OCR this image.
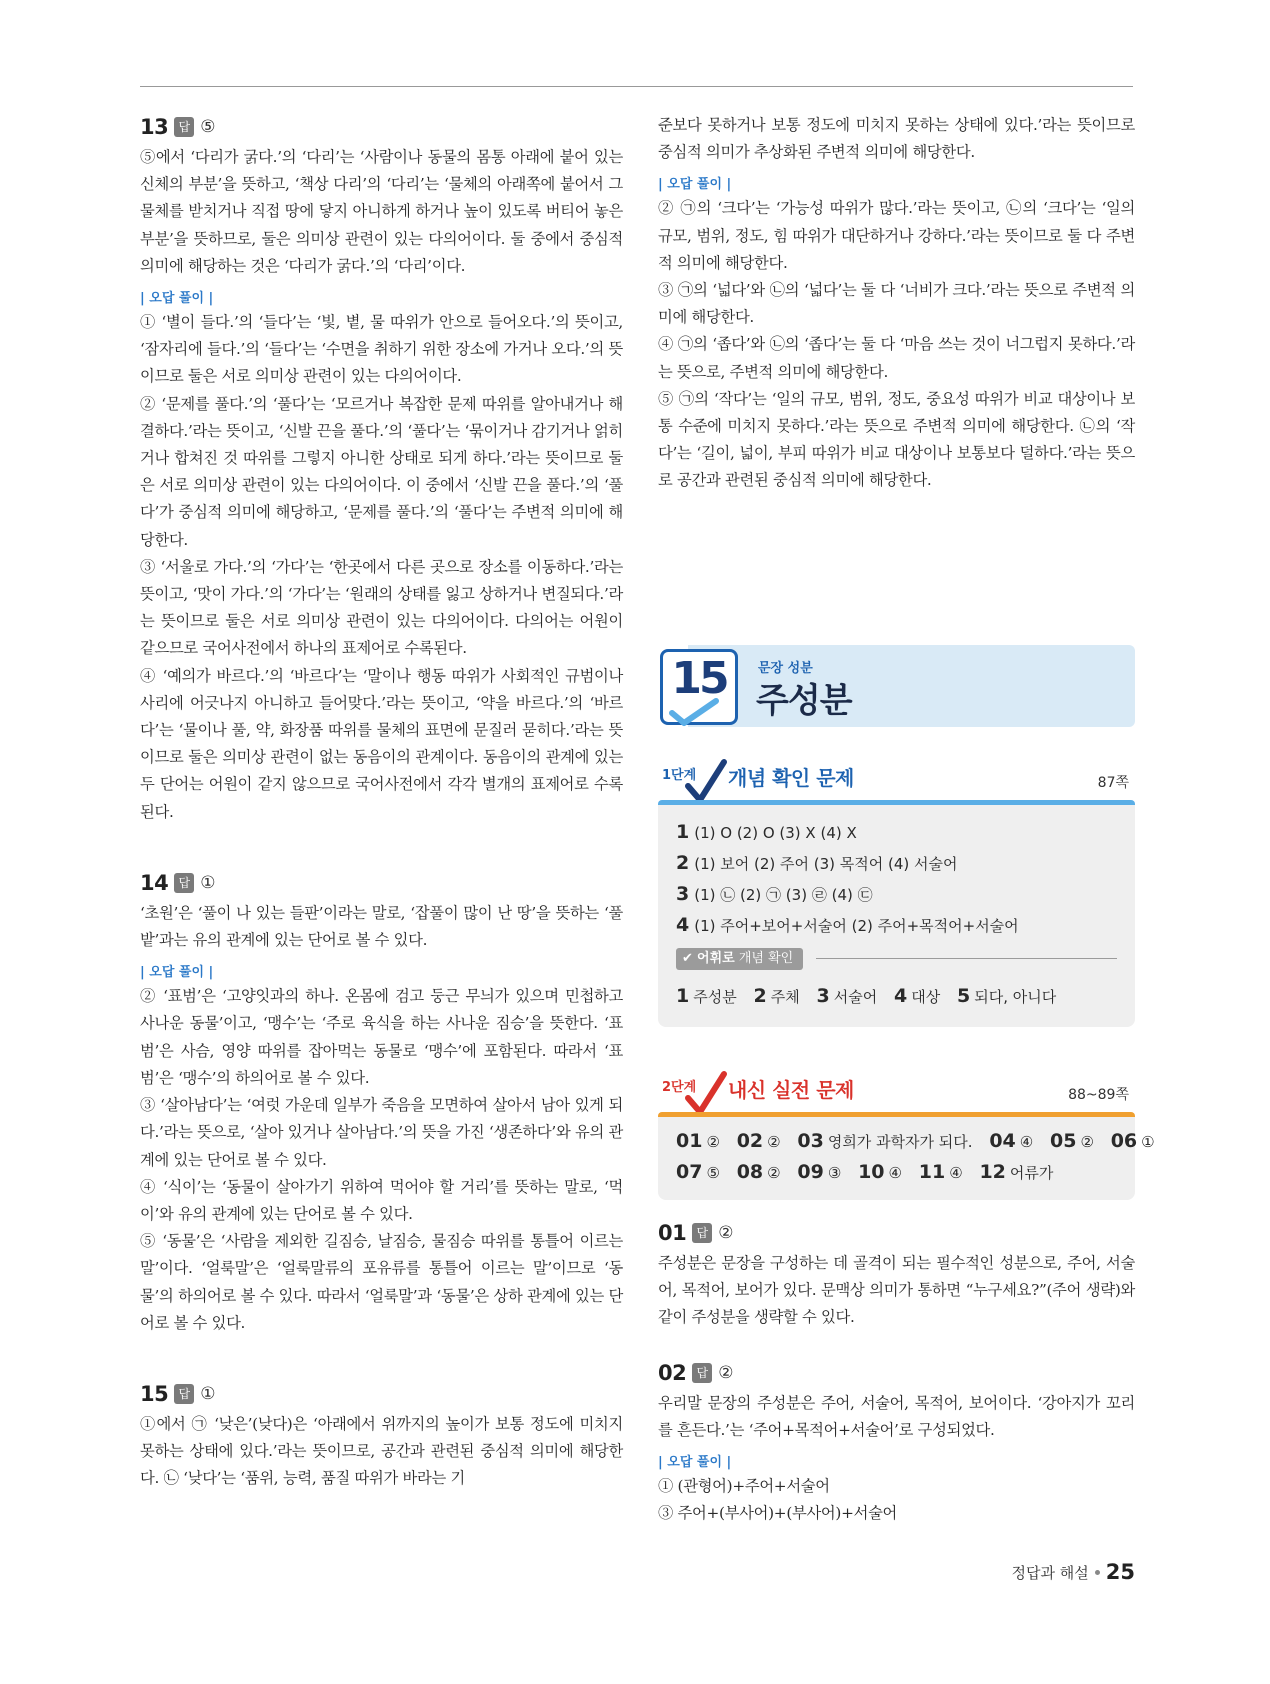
13 답 ⑤

⑤에서 ‘다리가 굵다.’의 ‘다리’는 ‘사람이나 동물의 몸통 아래에 붙어 있는 신체의 부분’을 뜻하고, ‘책상 다리’의 ‘다리’는 ‘물체의 아래쪽에 붙어서 그 물체를 받치거나 직접 땅에 닿지 아니하게 하거나 높이 있도록 버티어 놓은 부분’을 뜻하므로, 둘은 의미상 관련이 있는 다의어이다. 둘 중에서 중심적 의미에 해당하는 것은 ‘다리가 굵다.’의 ‘다리’이다.

| 오답 풀이 |

① ‘별이 들다.’의 ‘들다’는 ‘빛, 볕, 물 따위가 안으로 들어오다.’의 뜻이고, ‘잠자리에 들다.’의 ‘들다’는 ‘수면을 취하기 위한 장소에 가거나 오다.’의 뜻이므로 둘은 서로 의미상 관련이 있는 다의어이다.

② ‘문제를 풀다.’의 ‘풀다’는 ‘모르거나 복잡한 문제 따위를 알아내거나 해결하다.’라는 뜻이고, ‘신발 끈을 풀다.’의 ‘풀다’는 ‘묶이거나 감기거나 얽히거나 합쳐진 것 따위를 그렇지 아니한 상태로 되게 하다.’라는 뜻이므로 둘은 서로 의미상 관련이 있는 다의어이다. 이 중에서 ‘신발 끈을 풀다.’의 ‘풀다’가 중심적 의미에 해당하고, ‘문제를 풀다.’의 ‘풀다’는 주변적 의미에 해당한다.

③ ‘서울로 가다.’의 ‘가다’는 ‘한곳에서 다른 곳으로 장소를 이동하다.’라는 뜻이고, ‘맛이 가다.’의 ‘가다’는 ‘원래의 상태를 잃고 상하거나 변질되다.’라는 뜻이므로 둘은 서로 의미상 관련이 있는 다의어이다. 다의어는 어원이 같으므로 국어사전에서 하나의 표제어로 수록된다.

④ ‘예의가 바르다.’의 ‘바르다’는 ‘말이나 행동 따위가 사회적인 규범이나 사리에 어긋나지 아니하고 들어맞다.’라는 뜻이고, ‘약을 바르다.’의 ‘바르다’는 ‘물이나 풀, 약, 화장품 따위를 물체의 표면에 문질러 묻히다.’라는 뜻이므로 둘은 의미상 관련이 없는 동음이의 관계이다. 동음이의 관계에 있는 두 단어는 어원이 같지 않으므로 국어사전에서 각각 별개의 표제어로 수록된다.

14 답 ①

‘초원’은 ‘풀이 나 있는 들판’이라는 말로, ‘잡풀이 많이 난 땅’을 뜻하는 ‘풀밭’과는 유의 관계에 있는 단어로 볼 수 있다.

| 오답 풀이 |

② ‘표범’은 ‘고양잇과의 하나. 온몸에 검고 둥근 무늬가 있으며 민첩하고 사나운 동물’이고, ‘맹수’는 ‘주로 육식을 하는 사나운 짐승’을 뜻한다. ‘표범’은 사슴, 영양 따위를 잡아먹는 동물로 ‘맹수’에 포함된다. 따라서 ‘표범’은 ‘맹수’의 하의어로 볼 수 있다.

③ ‘살아남다’는 ‘여럿 가운데 일부가 죽음을 모면하여 살아서 남아 있게 되다.’라는 뜻으로, ‘살아 있거나 살아남다.’의 뜻을 가진 ‘생존하다’와 유의 관계에 있는 단어로 볼 수 있다.

④ ‘식이’는 ‘동물이 살아가기 위하여 먹어야 할 거리’를 뜻하는 말로, ‘먹이’와 유의 관계에 있는 단어로 볼 수 있다.

⑤ ‘동물’은 ‘사람을 제외한 길짐승, 날짐승, 물짐승 따위를 통틀어 이르는 말’이다. ‘얼룩말’은 ‘얼룩말류의 포유류를 통틀어 이르는 말’이므로 ‘동물’의 하의어로 볼 수 있다. 따라서 ‘얼룩말’과 ‘동물’은 상하 관계에 있는 단어로 볼 수 있다.

15 답 ①

①에서 ㉠ ‘낮은’(낮다)은 ‘아래에서 위까지의 높이가 보통 정도에 미치지 못하는 상태에 있다.’라는 뜻이므로, 공간과 관련된 중심적 의미에 해당한다. ㉡ ‘낮다’는 ‘품위, 능력, 품질 따위가 바라는 기

준보다 못하거나 보통 정도에 미치지 못하는 상태에 있다.’라는 뜻이므로 중심적 의미가 추상화된 주변적 의미에 해당한다.

| 오답 풀이 |

② ㉠의 ‘크다’는 ‘가능성 따위가 많다.’라는 뜻이고, ㉡의 ‘크다’는 ‘일의 규모, 범위, 정도, 힘 따위가 대단하거나 강하다.’라는 뜻이므로 둘 다 주변적 의미에 해당한다.

③ ㉠의 ‘넓다’와 ㉡의 ‘넓다’는 둘 다 ‘너비가 크다.’라는 뜻으로 주변적 의미에 해당한다.

④ ㉠의 ‘좁다’와 ㉡의 ‘좁다’는 둘 다 ‘마음 쓰는 것이 너그럽지 못하다.’라는 뜻으로, 주변적 의미에 해당한다.

⑤ ㉠의 ‘작다’는 ‘일의 규모, 범위, 정도, 중요성 따위가 비교 대상이나 보통 수준에 미치지 못하다.’라는 뜻으로 주변적 의미에 해당한다. ㉡의 ‘작다’는 ‘길이, 넓이, 부피 따위가 비교 대상이나 보통보다 덜하다.’라는 뜻으로 공간과 관련된 중심적 의미에 해당한다.

15	문장 성분
주성분
1단계 개념 확인 문제	87쪽

1 (1) O (2) O (3) X (4) X

2 (1) 보어 (2) 주어 (3) 목적어 (4) 서술어

3 (1) ㉡ (2) ㉠ (3) ㉣ (4) ㉢

4 (1) 주어+보어+서술어 (2) 주어+목적어+서술어

✔ 어휘로 개념 확인

1 주성분 2 주체 3 서술어 4 대상 5 되다, 아니다

2단계 내신 실전 문제	88~89쪽

01 ② 02 ② 03 영희가 과학자가 되다. 04 ④ 05 ② 06 ①

07 ⑤ 08 ② 09 ③ 10 ④ 11 ④ 12 어류가

01 답 ②

주성분은 문장을 구성하는 데 골격이 되는 필수적인 성분으로, 주어, 서술어, 목적어, 보어가 있다. 문맥상 의미가 통하면 “누구세요?”(주어 생략)와 같이 주성분을 생략할 수 있다.

02 답 ②

우리말 문장의 주성분은 주어, 서술어, 목적어, 보어이다. ‘강아지가 꼬리를 흔든다.’는 ‘주어+목적어+서술어’로 구성되었다.

| 오답 풀이 |

① (관형어)+주어+서술어

③ 주어+(부사어)+(부사어)+서술어

정답과 해설 25
